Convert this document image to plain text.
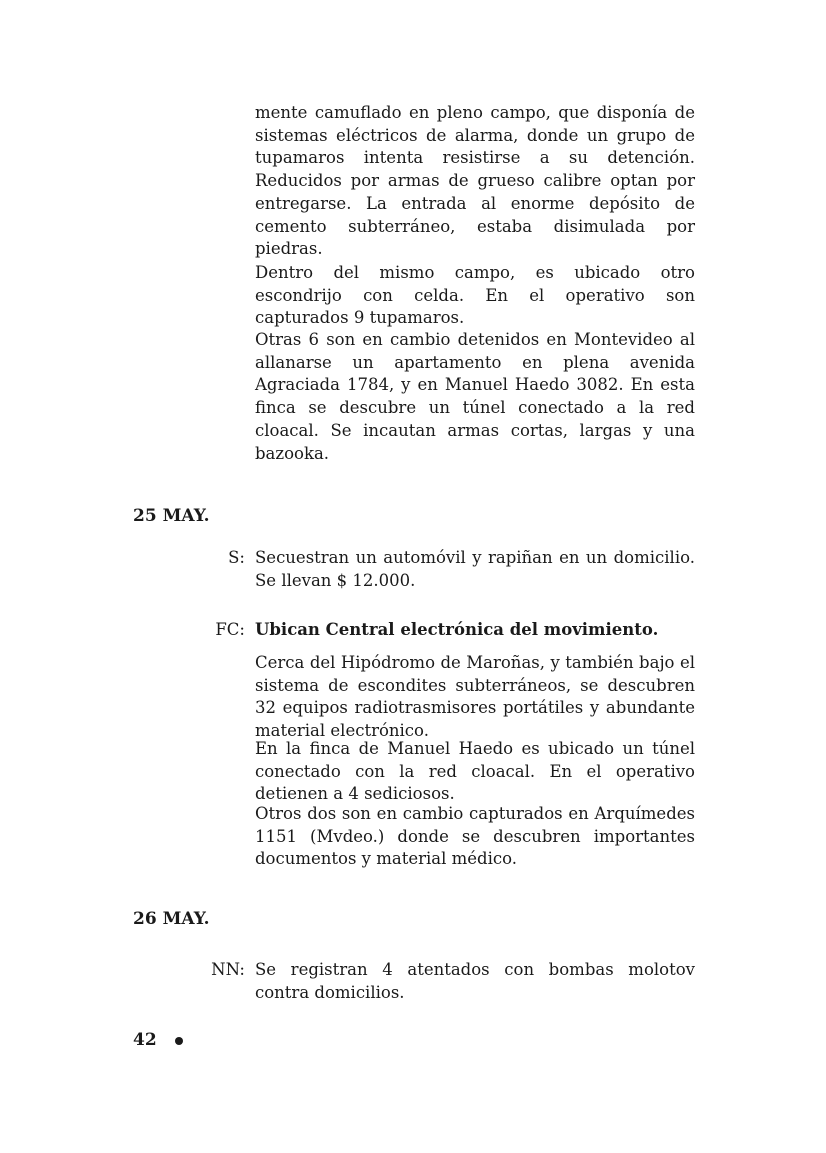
mente camuflado en pleno campo, que disponía de sistemas eléctricos de alarma, donde un grupo de tupamaros intenta resistirse a su detención. Reducidos por armas de grueso calibre optan por entregarse. La entrada al enorme depósito de cemento subterráneo, estaba disimulada por piedras.

Dentro del mismo campo, es ubicado otro escondrijo con celda. En el operativo son capturados 9 tupamaros.

Otras 6 son en cambio detenidos en Montevideo al allanarse un apartamento en plena avenida Agraciada 1784, y en Manuel Haedo 3082. En esta finca se descubre un túnel conectado a la red cloacal. Se incautan armas cortas, largas y una bazooka.

25 MAY.
S: Secuestran un automóvil y rapiñan en un domicilio. Se llevan $ 12.000.

FC: Ubican Central electrónica del movimiento.

Cerca del Hipódromo de Maroñas, y también bajo el sistema de escondites subterráneos, se descubren 32 equipos radiotrasmisores portátiles y abundante material electrónico.

En la finca de Manuel Haedo es ubicado un túnel conectado con la red cloacal. En el operativo detienen a 4 sediciosos.

Otros dos son en cambio capturados en Arquímedes 1151 (Mvdeo.) donde se descubren importantes documentos y material médico.

26 MAY.
NN: Se registran 4 atentados con bombas molotov contra domicilios.

42
